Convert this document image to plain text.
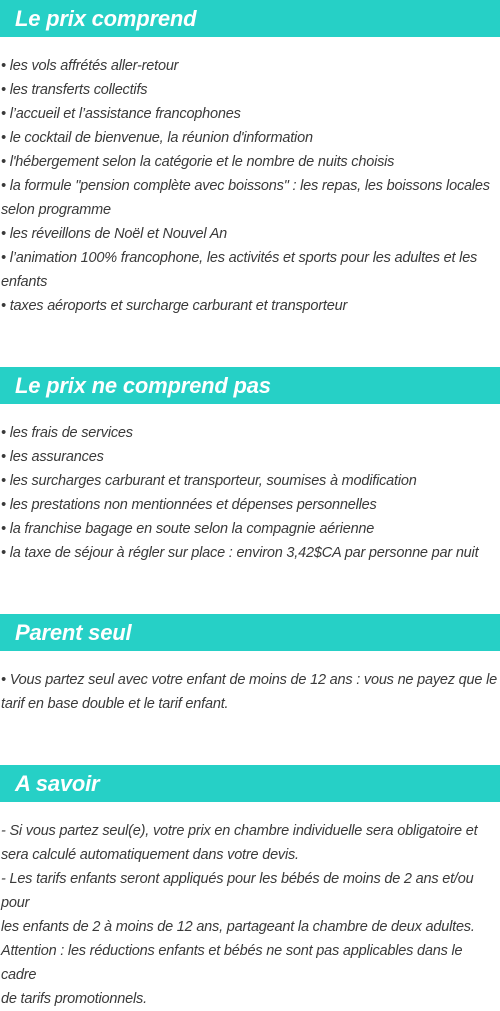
Le prix comprend

• les vols affrétés aller-retour

• les transferts collectifs

• l’accueil et l’assistance francophones

• le cocktail de bienvenue, la réunion d'information

• l'hébergement selon la catégorie et le nombre de nuits choisis

• la formule "pension complète avec boissons" : les repas, les boissons locales

selon programme

• les réveillons de Noël et Nouvel An

• l’animation 100% francophone, les activités et sports pour les adultes et les

enfants

• taxes aéroports et surcharge carburant et transporteur

Le prix ne comprend pas

• les frais de services

• les assurances

• les surcharges carburant et transporteur, soumises à modification

• les prestations non mentionnées et dépenses personnelles

• la franchise bagage en soute selon la compagnie aérienne

• la taxe de séjour à régler sur place : environ 3,42$CA par personne par nuit

Parent seul

• Vous partez seul avec votre enfant de moins de 12 ans : vous ne payez que le

tarif en base double et le tarif enfant.

A savoir

- Si vous partez seul(e), votre prix en chambre individuelle sera obligatoire et

sera calculé automatiquement dans votre devis.

- Les tarifs enfants seront appliqués pour les bébés de moins de 2 ans et/ou pour

les enfants de 2 à moins de 12 ans, partageant la chambre de deux adultes.

Attention : les réductions enfants et bébés ne sont pas applicables dans le cadre

de tarifs promotionnels.
